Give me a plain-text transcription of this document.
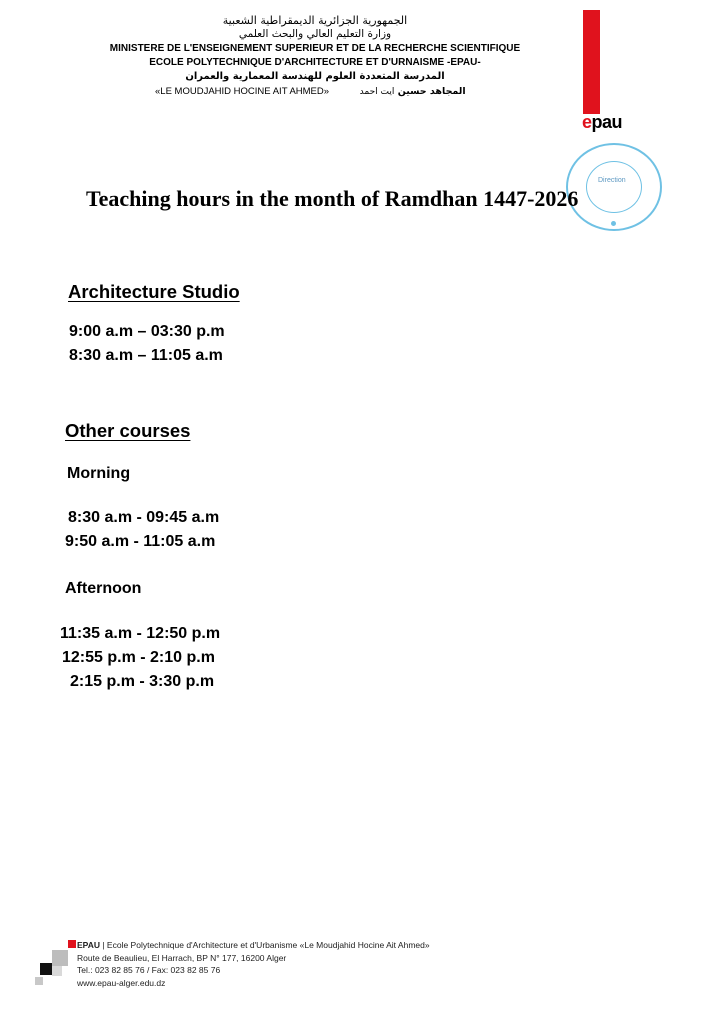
الجمهورية الجزائرية الديمقراطية الشعبية
وزارة التعليم العالي والبحث العلمي
MINISTERE DE L'ENSEIGNEMENT SUPERIEUR ET DE LA RECHERCHE SCIENTIFIQUE
ECOLE POLYTECHNIQUE D'ARCHITECTURE ET D'URNAISME -EPAU-
المدرسة المتعددة العلوم للهندسة المعمارية والعمران
«LE MOUDJAHID HOCINE AIT AHMED»	المجاهد حسين ايت احمد
epau
Direction
Teaching hours in the month of Ramdhan 1447-2026
Architecture Studio
9:00 a.m – 03:30 p.m
8:30 a.m – 11:05 a.m
Other courses
Morning
8:30 a.m - 09:45 a.m
9:50 a.m - 11:05 a.m
Afternoon
11:35 a.m - 12:50 p.m
12:55 p.m - 2:10 p.m
2:15 p.m - 3:30 p.m
EPAU | Ecole Polytechnique d'Architecture et d'Urbanisme «Le Moudjahid Hocine Ait Ahmed»
Route de Beaulieu, El Harrach, BP N° 177, 16200 Alger
Tel.: 023 82 85 76 / Fax: 023 82 85 76
www.epau-alger.edu.dz
